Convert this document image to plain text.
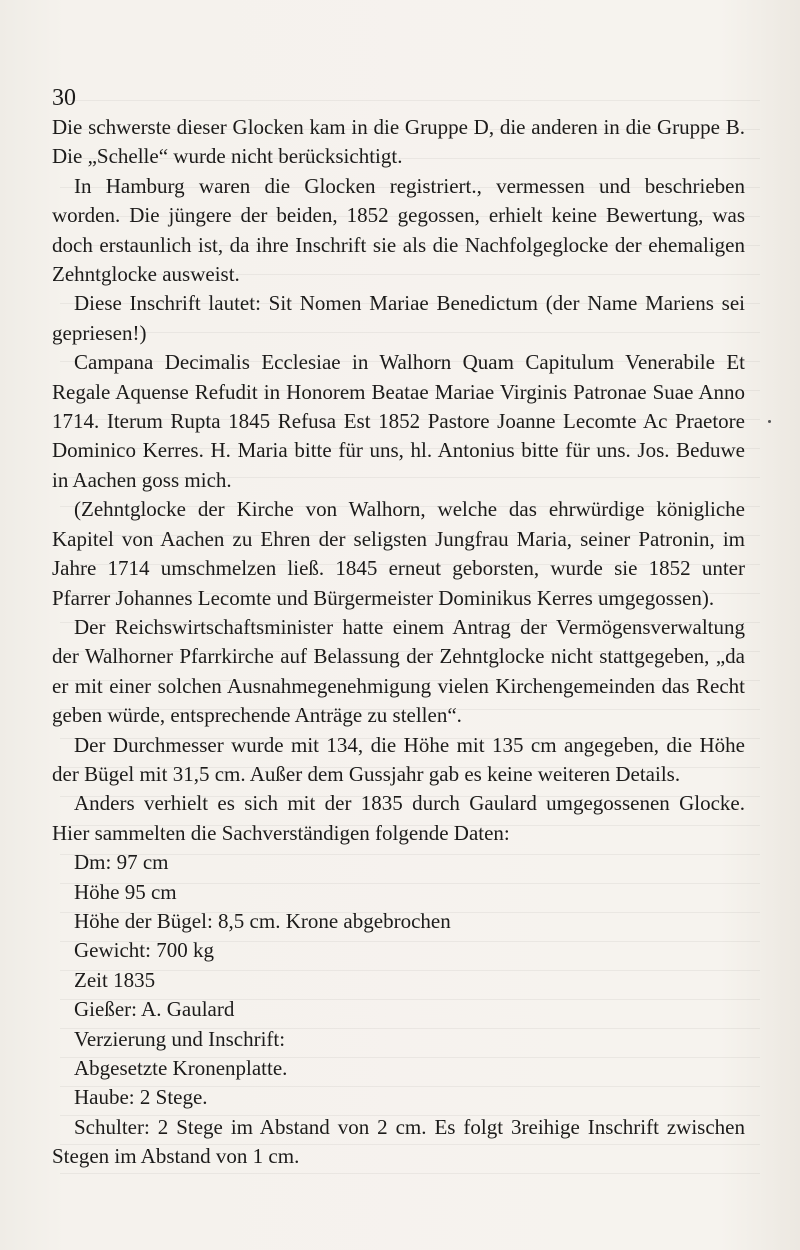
30

Die schwerste dieser Glocken kam in die Gruppe D, die anderen in die Gruppe B. Die „Schelle“ wurde nicht berücksichtigt.

In Hamburg waren die Glocken registriert., vermessen und beschrieben worden. Die jüngere der beiden, 1852 gegossen, erhielt keine Bewertung, was doch erstaunlich ist, da ihre Inschrift sie als die Nachfolgeglocke der ehemaligen Zehntglocke ausweist.

Diese Inschrift lautet: Sit Nomen Mariae Benedictum (der Name Mariens sei gepriesen!)

Campana Decimalis Ecclesiae in Walhorn Quam Capitulum Venerabile Et Regale Aquense Refudit in Honorem Beatae Mariae Virginis Patronae Suae Anno 1714. Iterum Rupta 1845 Refusa Est 1852 Pastore Joanne Lecomte Ac Praetore Dominico Kerres. H. Maria bitte für uns, hl. Antonius bitte für uns. Jos. Beduwe in Aachen goss mich.

(Zehntglocke der Kirche von Walhorn, welche das ehrwürdige königliche Kapitel von Aachen zu Ehren der seligsten Jungfrau Maria, seiner Patronin, im Jahre 1714 umschmelzen ließ. 1845 erneut geborsten, wurde sie 1852 unter Pfarrer Johannes Lecomte und Bürgermeister Dominikus Kerres umgegossen).

Der Reichswirtschaftsminister hatte einem Antrag der Vermögensverwaltung der Walhorner Pfarrkirche auf Belassung der Zehntglocke nicht stattgegeben, „da er mit einer solchen Ausnahmegenehmigung vielen Kirchengemeinden das Recht geben würde, entsprechende Anträge zu stellen“.

Der Durchmesser wurde mit 134, die Höhe mit 135 cm angegeben, die Höhe der Bügel mit 31,5 cm. Außer dem Gussjahr gab es keine weiteren Details.

Anders verhielt es sich mit der 1835 durch Gaulard umgegossenen Glocke. Hier sammelten die Sachverständigen folgende Daten:

Dm: 97 cm

Höhe 95 cm

Höhe der Bügel: 8,5 cm. Krone abgebrochen

Gewicht: 700 kg

Zeit 1835

Gießer: A. Gaulard

Verzierung und Inschrift:

Abgesetzte Kronenplatte.

Haube: 2 Stege.

Schulter: 2 Stege im Abstand von 2 cm. Es folgt 3reihige Inschrift zwischen Stegen im Abstand von 1 cm.
